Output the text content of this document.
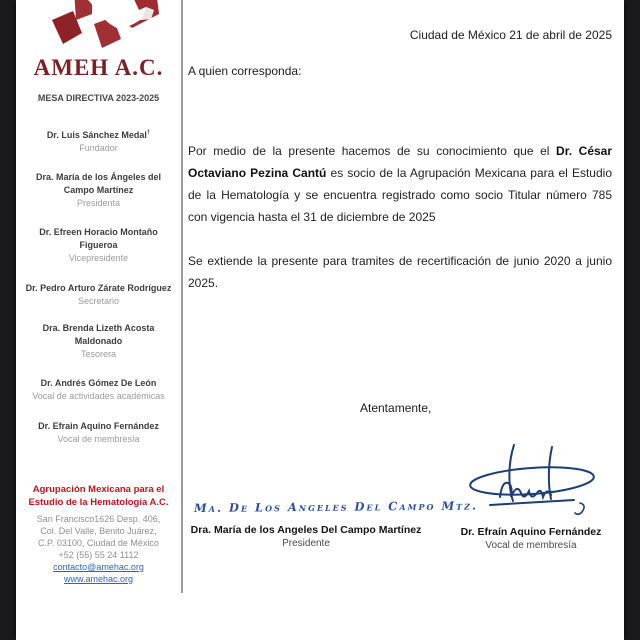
AMEH A.C.
MESA DIRECTIVA 2023-2025
Dr. Luis Sánchez Medal†
Fundador
Dra. María de los Ángeles del Campo Martínez
Presidenta
Dr. Efreen Horacio Montaño Figueroa
Vicepresidente
Dr. Pedro Arturo Zárate Rodríguez
Secretario
Dra. Brenda Lizeth Acosta Maldonado
Tesorera
Dr. Andrés Gómez De León
Vocal de actividades académicas
Dr. Efrain Aquino Fernández
Vocal de membresía
Agrupación Mexicana para el Estudio de la Hematología A.C.
San Francisco1626 Desp. 406,
Col. Del Valle, Benito Juárez,
C.P. 03100, Ciudad de México
+52 (55) 55 24 1112
contacto@amehac.org
www.amehac.org
Ciudad de México 21 de abril de 2025
A quien corresponda:
Por medio de la presente hacemos de su conocimiento que el Dr. César Octaviano Pezina Cantú es socio de la Agrupación Mexicana para el Estudio de la Hematología y se encuentra registrado como socio Titular número 785 con vigencia hasta el 31 de diciembre de 2025
Se extiende la presente para tramites de recertificación de junio 2020 a junio 2025.
Atentamente,
Ma. De Los Angeles Del Campo Mtz.
Dra. María de los Angeles Del Campo Martínez
Presidente
Dr. Efraín Aquino Fernández
Vocal de membresía
